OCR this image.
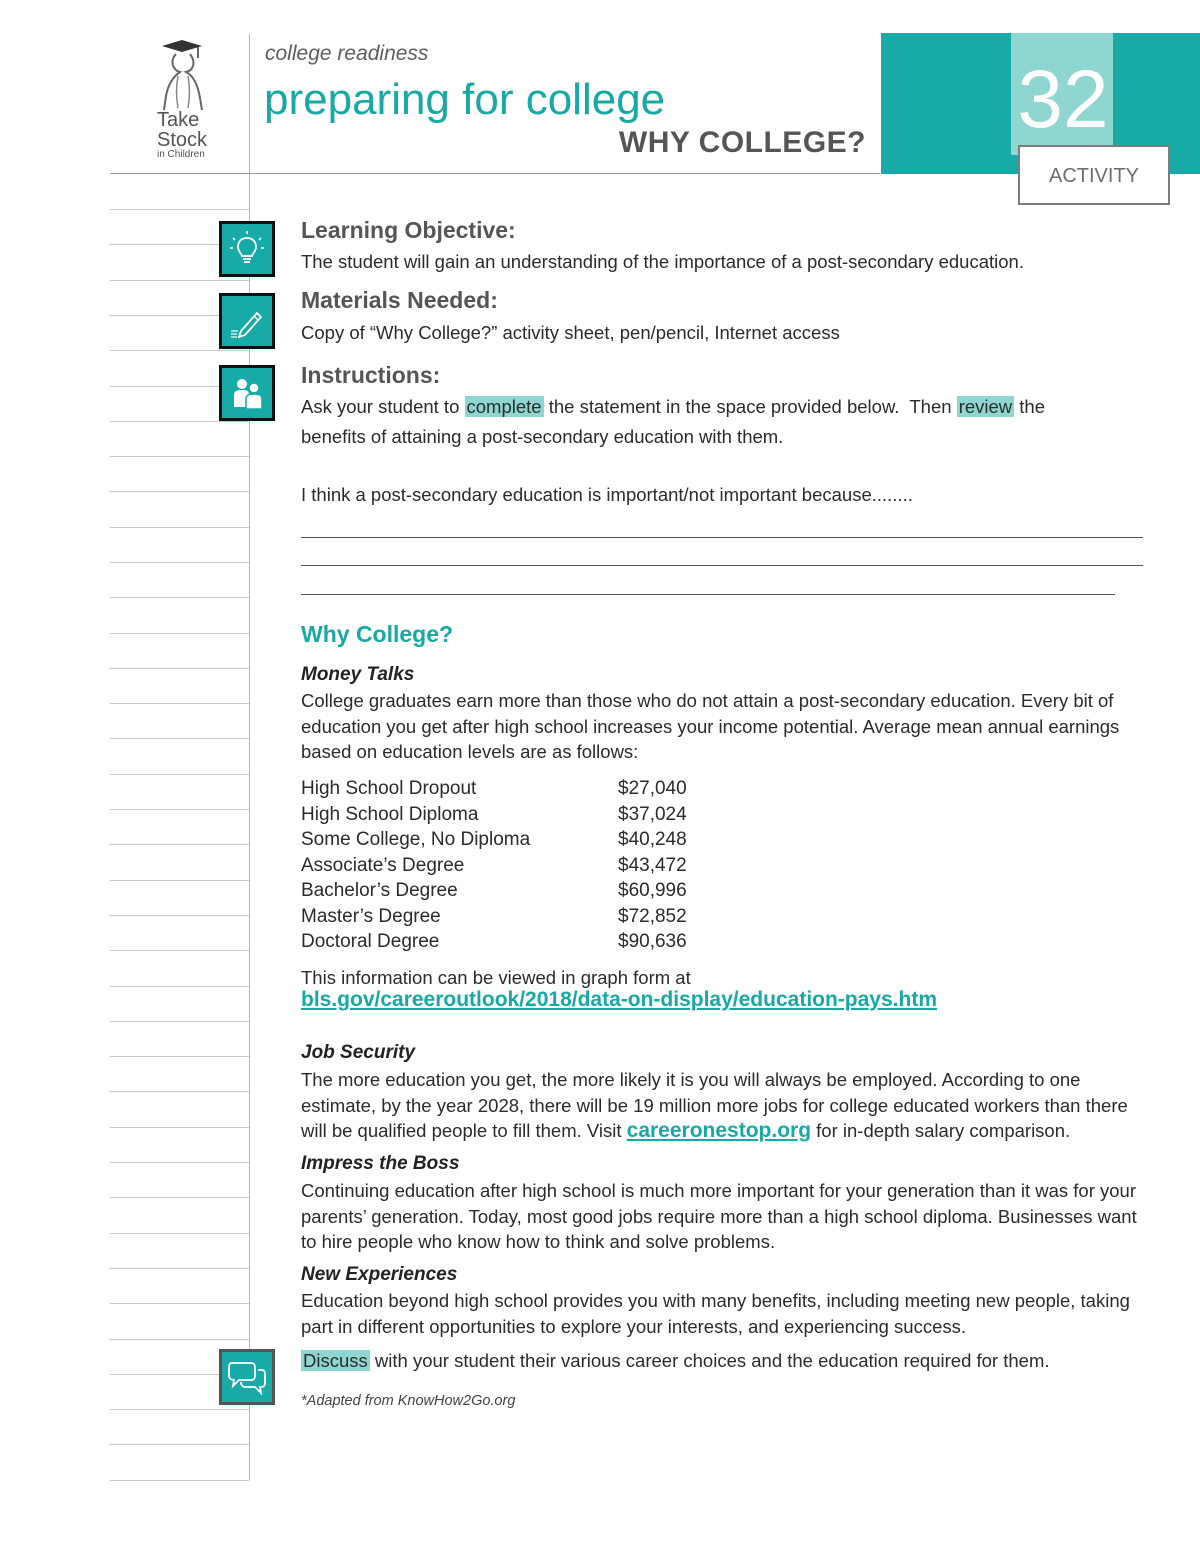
Take
Stock
in Children
college readiness
preparing for college
WHY COLLEGE? 32
ACTIVITY
Learning Objective:
The student will gain an understanding of the importance of a post-secondary education.
Materials Needed:
Copy of “Why College?” activity sheet, pen/pencil, Internet access
Instructions:
Ask your student to complete the statement in the space provided below.  Then review the
benefits of attaining a post-secondary education with them.
I think a post-secondary education is important/not important because........
Why College?
Money Talks
College graduates earn more than those who do not attain a post-secondary education. Every bit of education you get after high school increases your income potential. Average mean annual earnings based on education levels are as follows:
High School Dropout	$27,040
High School Diploma	$37,024
Some College, No Diploma	$40,248
Associate’s Degree	$43,472
Bachelor’s Degree	$60,996
Master’s Degree	$72,852
Doctoral Degree	$90,636
This information can be viewed in graph form at
bls.gov/careeroutlook/2018/data-on-display/education-pays.htm
Job Security
The more education you get, the more likely it is you will always be employed. According to one estimate, by the year 2028, there will be 19 million more jobs for college educated workers than there will be qualified people to fill them. Visit careeronestop.org for in-depth salary comparison.
Impress the Boss
Continuing education after high school is much more important for your generation than it was for your parents’ generation. Today, most good jobs require more than a high school diploma. Businesses want to hire people who know how to think and solve problems.
New Experiences
Education beyond high school provides you with many benefits, including meeting new people, taking part in different opportunities to explore your interests, and experiencing success.
Discuss with your student their various career choices and the education required for them.
*Adapted from KnowHow2Go.org
